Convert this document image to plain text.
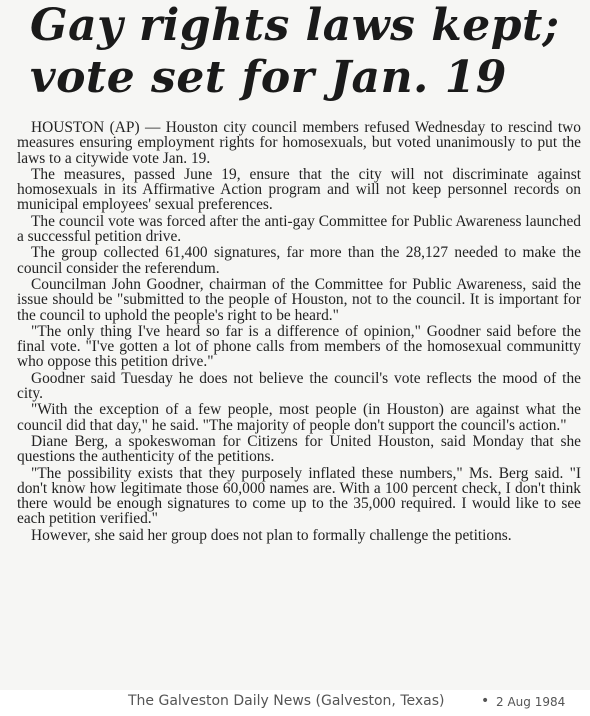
Gay rights laws kept;
vote set for Jan. 19

HOUSTON (AP) — Houston city council members refused Wednesday to rescind two measures ensuring employment rights for homosexuals, but voted unanimously to put the laws to a citywide vote Jan. 19.

The measures, passed June 19, ensure that the city will not discriminate against homosexuals in its Affirmative Action program and will not keep personnel records on municipal employees' sexual preferences.

The council vote was forced after the anti-gay Committee for Public Awareness launched a successful petition drive.

The group collected 61,400 signatures, far more than the 28,127 needed to make the council consider the referendum.

Councilman John Goodner, chairman of the Committee for Public Awareness, said the issue should be "submitted to the people of Houston, not to the council. It is important for the council to uphold the people's right to be heard."

"The only thing I've heard so far is a difference of opinion," Goodner said before the final vote. "I've gotten a lot of phone calls from members of the homosexual communitty who oppose this petition drive."

Goodner said Tuesday he does not believe the council's vote reflects the mood of the city.

"With the exception of a few people, most people (in Houston) are against what the council did that day," he said. "The majority of people don't support the council's action."

Diane Berg, a spokeswoman for Citizens for United Houston, said Monday that she questions the authenticity of the petitions.

"The possibility exists that they purposely inflated these numbers," Ms. Berg said. "I don't know how legitimate those 60,000 names are. With a 100 percent check, I don't think there would be enough signatures to come up to the 35,000 required. I would like to see each petition verified."

However, she said her group does not plan to formally challenge the petitions.

The Galveston Daily News (Galveston, Texas)	• 2 Aug 1984
